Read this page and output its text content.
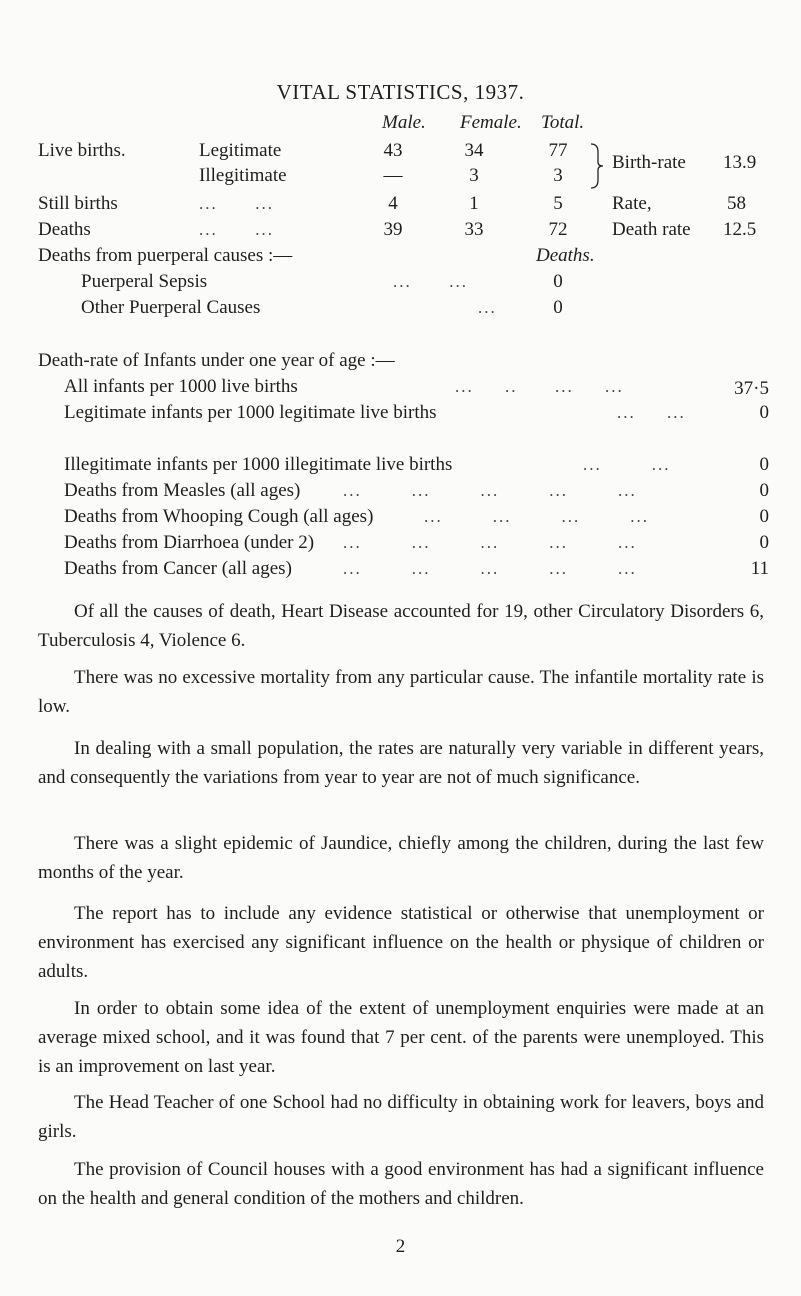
VITAL STATISTICS, 1937.
Male. Female. Total.
Live births.	Legitimate	43	34	77
Illegitimate	—	3	3
Birth-rate 13.9
Still births	...      ...	4	1	5	Rate,	58
Deaths	...      ...	39	33	72	Death rate 12.5
Deaths from puerperal causes :—	Deaths.
Puerperal Sepsis	...      ...	0
Other Puerperal Causes	...	0
Death-rate of Infants under one year of age :—
All infants per 1000 live births	...     ..      ...     ...	37·5
Legitimate infants per 1000 legitimate live births	...     ...	0
Illegitimate infants per 1000 illegitimate live births	...        ...	0
Deaths from Measles (all ages)	...        ...        ...        ...        ...	0
Deaths from Whooping Cough (all ages)	...        ...        ...        ...	0
Deaths from Diarrhoea (under 2) ...        ...        ...        ...        ...	0
Deaths from Cancer (all ages)	...        ...        ...        ...        ...	11

Of all the causes of death, Heart Disease accounted for 19, other Circulatory Disorders 6, Tuberculosis 4, Violence 6.

There was no excessive mortality from any particular cause. The infantile mortality rate is low.

In dealing with a small population, the rates are naturally very variable in different years, and consequently the variations from year to year are not of much significance.

There was a slight epidemic of Jaundice, chiefly among the children, during the last few months of the year.

The report has to include any evidence statistical or otherwise that unemployment or environment has exercised any significant influence on the health or physique of children or adults.

In order to obtain some idea of the extent of unemployment enquiries were made at an average mixed school, and it was found that 7 per cent. of the parents were unemployed. This is an improvement on last year.

The Head Teacher of one School had no difficulty in obtaining work for leavers, boys and girls.

The provision of Council houses with a good environment has had a significant influence on the health and general condition of the mothers and children.

2
